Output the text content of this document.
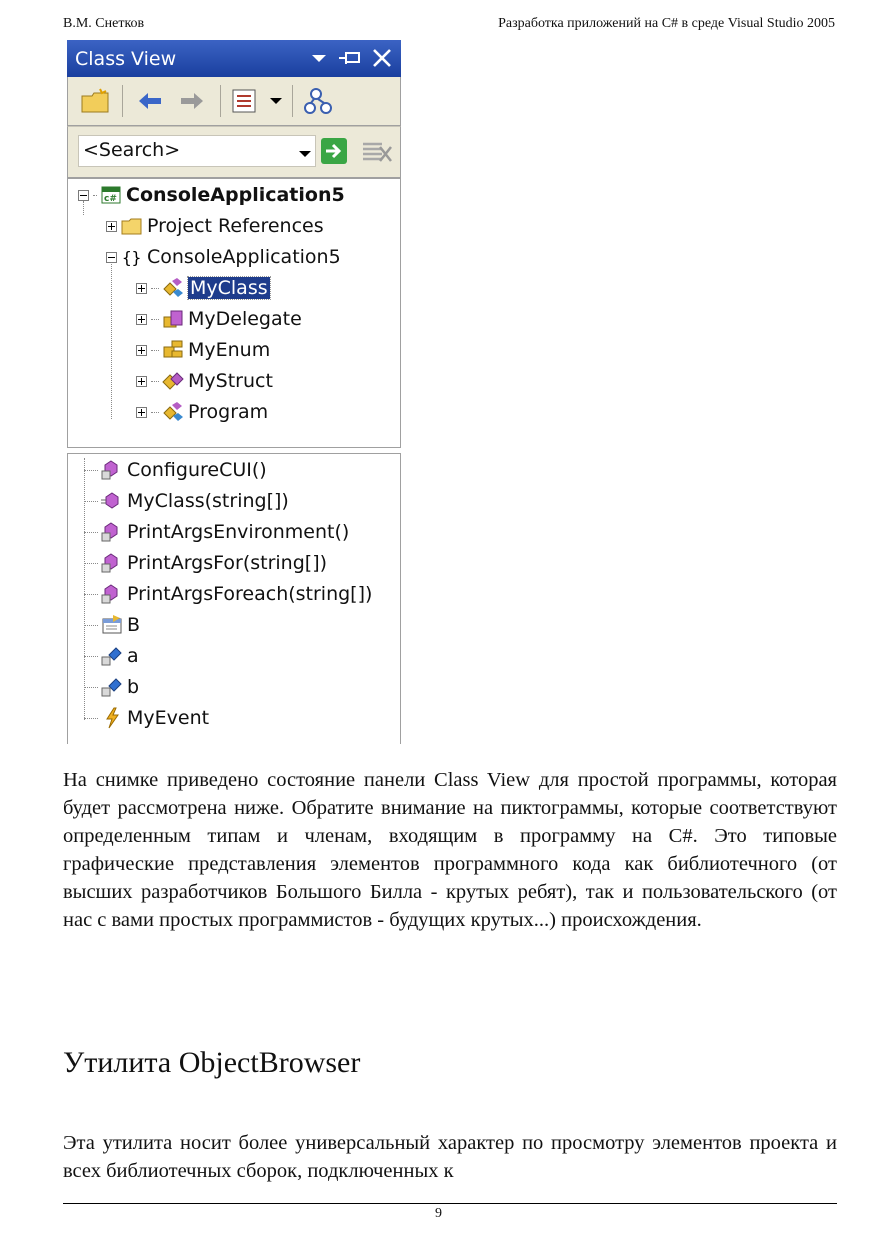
В.М. Снетков	Разработка приложений на C# в среде Visual Studio 2005
Class View
<Search>
c# ConsoleApplication5
Project References
{} ConsoleApplication5
MyClass
MyDelegate
MyEnum
MyStruct
Program
ConfigureCUI()
MyClass(string[])
PrintArgsEnvironment()
PrintArgsFor(string[])
PrintArgsForeach(string[])
B
a
b
MyEvent
На снимке приведено состояние панели Class View для простой программы, которая будет рассмотрена ниже. Обратите внимание на пиктограммы, которые соответствуют определенным типам и членам, входящим в программу на C#. Это типовые графические представления элементов программного кода как библиотечного (от высших разработчиков Большого Билла - крутых ребят), так и пользовательского (от нас с вами простых программистов - будущих крутых...) происхождения.
Утилита ObjectBrowser
Эта утилита носит более универсальный характер по просмотру элементов проекта и всех библиотечных сборок, подключенных к
9
